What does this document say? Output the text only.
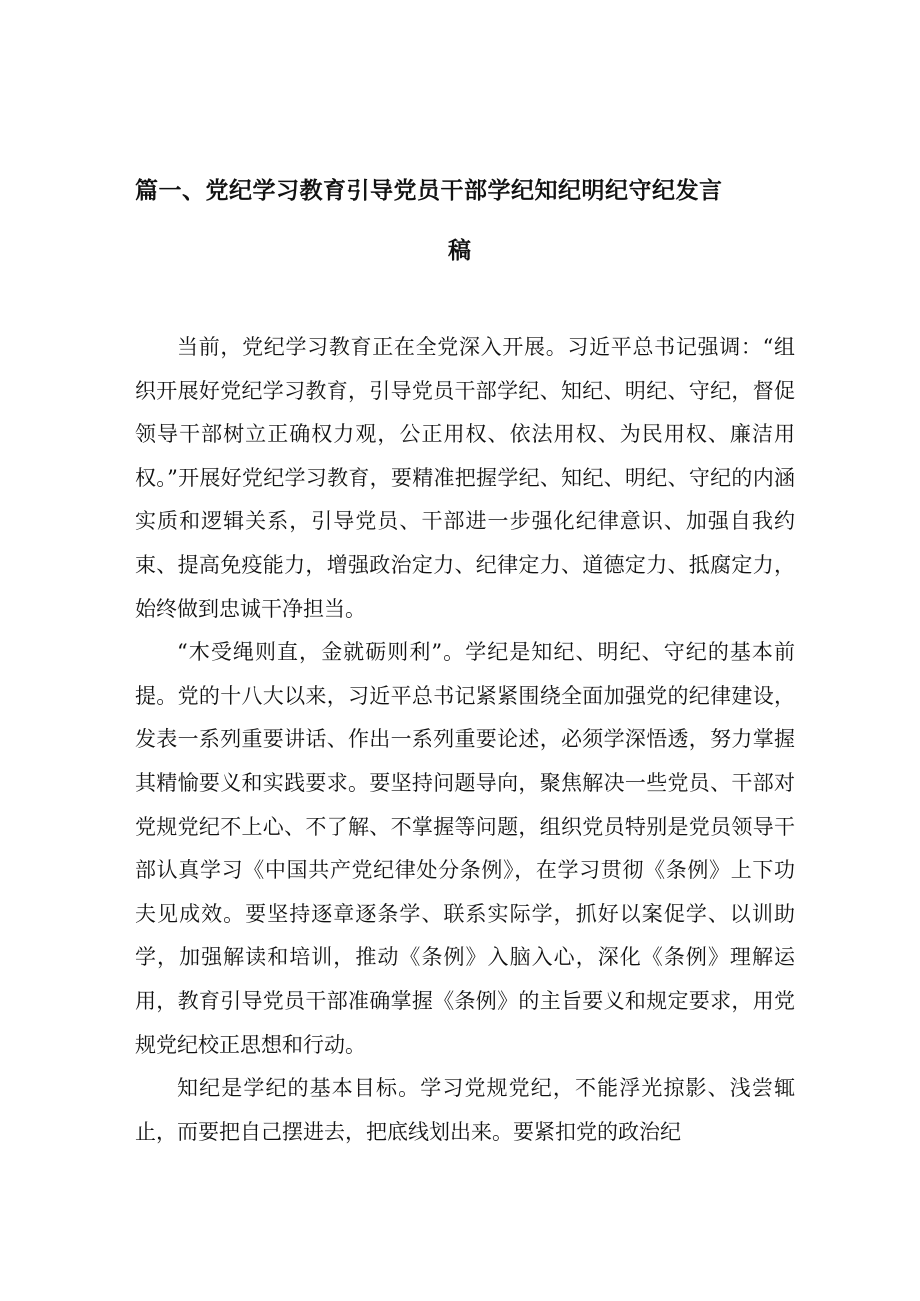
篇一、党纪学习教育引导党员干部学纪知纪明纪守纪发言
稿

当前，党纪学习教育正在全党深入开展。习近平总书记强调：“组织开展好党纪学习教育，引导党员干部学纪、知纪、明纪、守纪，督促领导干部树立正确权力观，公正用权、依法用权、为民用权、廉洁用权。”开展好党纪学习教育，要精准把握学纪、知纪、明纪、守纪的内涵实质和逻辑关系，引导党员、干部进一步强化纪律意识、加强自我约束、提高免疫能力，增强政治定力、纪律定力、道德定力、抵腐定力，始终做到忠诚干净担当。

“木受绳则直，金就砺则利”。学纪是知纪、明纪、守纪的基本前提。党的十八大以来，习近平总书记紧紧围绕全面加强党的纪律建设，发表一系列重要讲话、作出一系列重要论述，必须学深悟透，努力掌握其精愉要义和实践要求。要坚持问题导向，聚焦解决一些党员、干部对党规党纪不上心、不了解、不掌握等问题，组织党员特别是党员领导干部认真学习《中国共产党纪律处分条例》，在学习贯彻《条例》上下功夫见成效。要坚持逐章逐条学、联系实际学，抓好以案促学、以训助学，加强解读和培训，推动《条例》入脑入心，深化《条例》理解运用，教育引导党员干部准确掌握《条例》的主旨要义和规定要求，用党规党纪校正思想和行动。

知纪是学纪的基本目标。学习党规党纪，不能浮光掠影、浅尝辄止，而要把自己摆进去，把底线划出来。要紧扣党的政治纪
